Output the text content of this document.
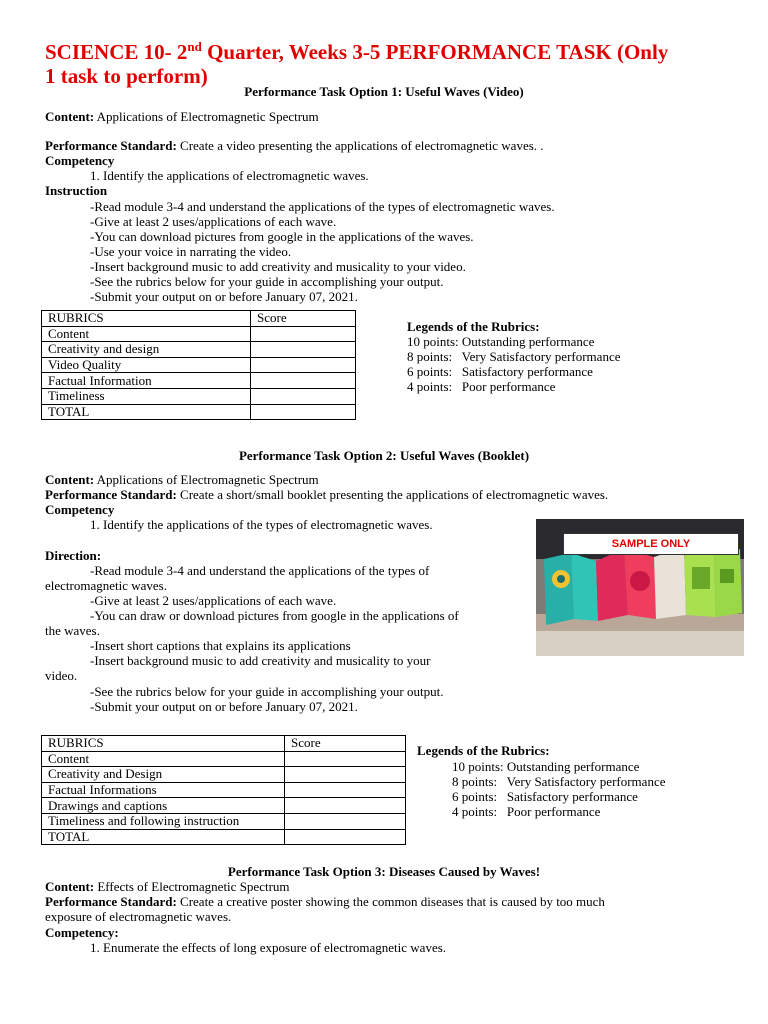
SCIENCE 10- 2nd Quarter, Weeks 3-5 PERFORMANCE TASK (Only
1 task to perform)
Performance Task Option 1: Useful Waves (Video)
Content: Applications of Electromagnetic Spectrum
Performance Standard: Create a video presenting the applications of electromagnetic waves. .
Competency
1. Identify the applications of electromagnetic waves.
Instruction
-Read module 3-4 and understand the applications of the types of electromagnetic waves.
-Give at least 2 uses/applications of each wave.
-You can download pictures from google in the applications of the waves.
-Use your voice in narrating the video.
-Insert background music to add creativity and musicality to your video.
-See the rubrics below for your guide in accomplishing your output.
-Submit your output on or before January 07, 2021.
RUBRICS	Score
Content	
Creativity and design	
Video Quality	
Factual Information	
Timeliness	
TOTAL	
Legends of the Rubrics:
10 points: Outstanding performance
8 points:   Very Satisfactory performance
6 points:   Satisfactory performance
4 points:   Poor performance
Performance Task Option 2: Useful Waves (Booklet)
Content: Applications of Electromagnetic Spectrum
Performance Standard: Create a short/small booklet presenting the applications of electromagnetic waves.
Competency
1. Identify the applications of the types of electromagnetic waves.
Direction:
-Read module 3-4 and understand the applications of the types of
electromagnetic waves.
-Give at least 2 uses/applications of each wave.
-You can draw or download pictures from google in the applications of
the waves.
-Insert short captions that explains its applications
-Insert background music to add creativity and musicality to your
video.
-See the rubrics below for your guide in accomplishing your output.
-Submit your output on or before January 07, 2021.
SAMPLE ONLY
RUBRICS	Score
Content	
Creativity and Design	
Factual Informations	
Drawings and captions	
Timeliness and following instruction	
TOTAL	
Legends of the Rubrics:
10 points: Outstanding performance
8 points:   Very Satisfactory performance
6 points:   Satisfactory performance
4 points:   Poor performance
Performance Task Option 3: Diseases Caused by Waves!
Content: Effects of Electromagnetic Spectrum
Performance Standard: Create a creative poster showing the common diseases that is caused by too much
exposure of electromagnetic waves.
Competency:
1. Enumerate the effects of long exposure of electromagnetic waves.
